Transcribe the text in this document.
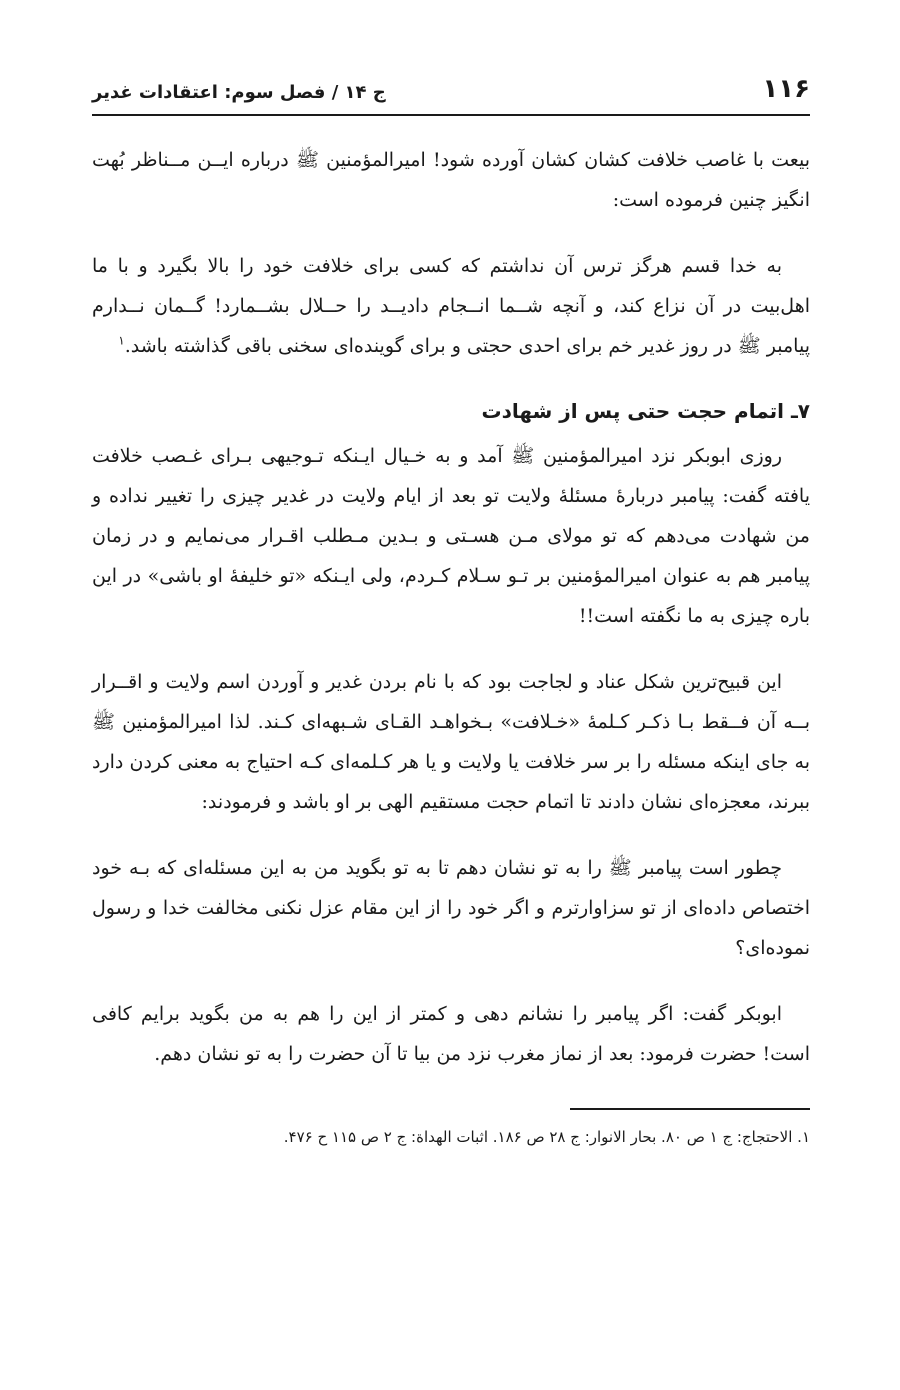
۱۱۶
ج ۱۴ / فصل سوم: اعتقادات غدیر

بیعت با غاصب خلافت کشان کشان آورده شود! امیرالمؤمنین ﷺ درباره ایــن مــناظر بُهت انگیز چنین فرموده است:

به خدا قسم هرگز ترس آن نداشتم که کسی برای خلافت خود را بالا بگیرد و با ما اهل‌بیت در آن نزاع کند، و آنچه شــما انــجام دادیــد را حــلال بشــمارد! گــمان نــدارم پیامبر ﷺ در روز غدیر خم برای احدی حجتی و برای گوینده‌ای سخنی باقی گذاشته باشد.$^۱$

۷ـ اتمام حجت حتی پس از شهادت

روزی ابوبکر نزد امیرالمؤمنین ﷺ آمد و به خـیال ایـنکه تـوجیهی بـرای غـصب خلافت یافته گفت: پیامبر دربارهٔ مسئلهٔ ولایت تو بعد از ایام ولایت در غدیر چیزی را تغییر نداده و من شهادت می‌دهم که تو مولای مـن هسـتی و بـدین مـطلب اقـرار می‌نمایم و در زمان پیامبر هم به عنوان امیرالمؤمنین بر تـو سـلام کـردم، ولی ایـنکه «تو خلیفهٔ او باشی» در این باره چیزی به ما نگفته است!!

این قبیح‌ترین شکل عناد و لجاجت بود که با نام بردن غدیر و آوردن اسم ولایت و اقــرار بــه آن فــقط بـا ذکـر کـلمهٔ «خـلافت» بـخواهـد القـای شـبهه‌ای کـند. لذا امیرالمؤمنین ﷺ به جای اینکه مسئله را بر سر خلافت یا ولایت و یا هر کـلمه‌ای کـه احتیاج به معنی کردن دارد ببرند، معجزه‌ای نشان دادند تا اتمام حجت مستقیم الهی بر او باشد و فرمودند:

چطور است پیامبر ﷺ را به تو نشان دهم تا به تو بگوید من به این مسئله‌ای که بـه خود اختصاص داده‌ای از تو سزاوارترم و اگر خود را از این مقام عزل نکنی مخالفت خدا و رسول نموده‌ای؟

ابوبکر گفت: اگر پیامبر را نشانم دهی و کمتر از این را هم به من بگوید برایم کافی است! حضرت فرمود: بعد از نماز مغرب نزد من بیا تا آن حضرت را به تو نشان دهم.

۱. الاحتجاج: ج ۱ ص ۸۰. بحار الانوار: ج ۲۸ ص ۱۸۶. اثبات الهداة: ج ۲ ص ۱۱۵ ح ۴۷۶.
